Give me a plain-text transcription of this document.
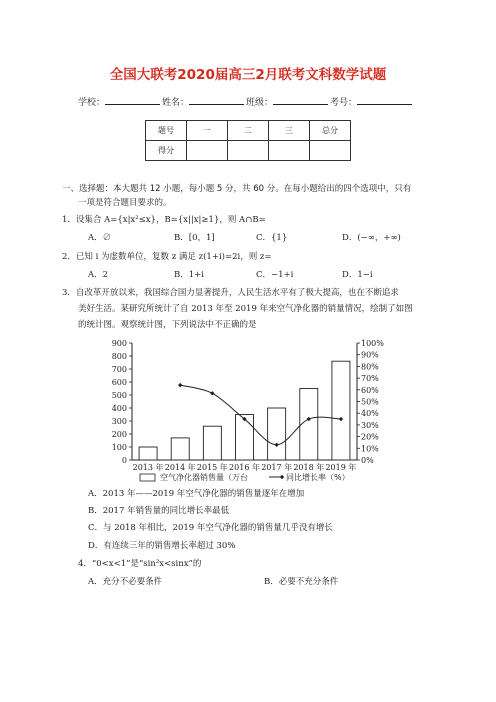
全国大联考2020届高三2月联考文科数学试题
学校：	姓名：	班级：	考号：
题号	一	二	三	总分
得分				
一、选择题：本大题共 12 小题，每小题 5 分，共 60 分。在每小题给出的四个选项中，只有
一项是符合题目要求的。
1．设集合 A={x|x²≤x}，B={x||x|≥1}，则 A∩B=
A．∅	B．[0，1]	C．{1}	D．(−∞，+∞)
2．已知 i 为虚数单位，复数 z 满足 z(1+i)=2i，则 z=
A．2	B．1+i	C．−1+i	D．1−i
3．自改革开放以来，我国综合国力显著提升，人民生活水平有了极大提高，也在不断追求
美好生活。某研究所统计了自 2013 年至 2019 年来空气净化器的销量情况，绘制了如图
的统计图。观察统计图，下列说法中不正确的是
0
100
200
300
400
500
600
700
800
900
0%
10%
20%
30%
40%
50%
60%
70%
80%
90%
100%
2013 年 2014 年 2015 年 2016 年 2017 年 2018 年 2019 年
空气净化器销售量（万台	同比增长率（%）
A．2013 年——2019 年空气净化器的销售量逐年在增加
B．2017 年销售量的同比增长率最低
C．与 2018 年相比，2019 年空气净化器的销售量几乎没有增长
D．有连续三年的销售增长率超过 30%
4．“0<x<1”是“sin²x<sinx”的
A．充分不必要条件	B．必要不充分条件
